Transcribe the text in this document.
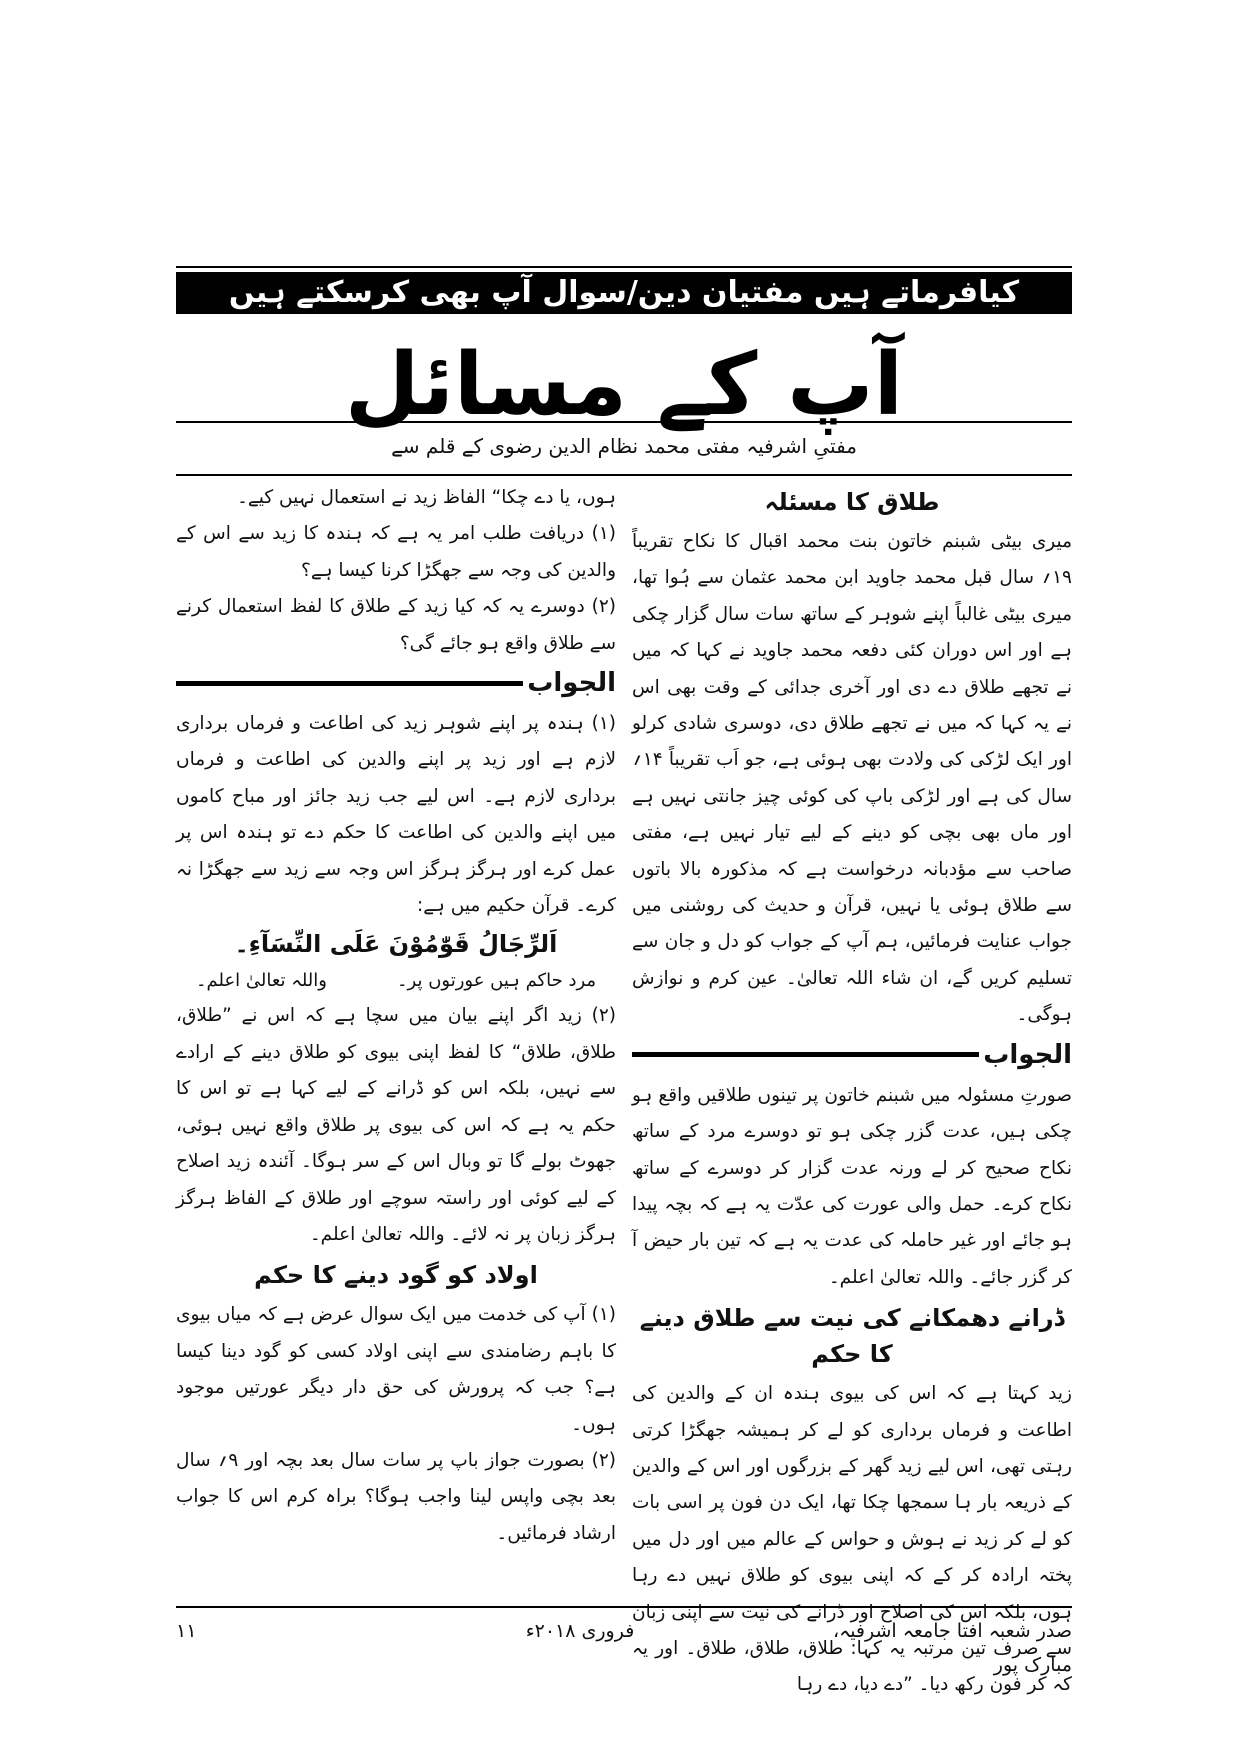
کیافرماتے ہیں مفتیان دین/سوال آپ بھی کرسکتے ہیں
آپ کے مسائل
مفتیِ اشرفیہ مفتی محمد نظام الدین رضوی کے قلم سے
طلاق کا مسئلہ

میری بیٹی شبنم خاتون بنت محمد اقبال کا نکاح تقریباً ۱۹؍ سال قبل محمد جاوید ابن محمد عثمان سے ہُوا تھا، میری بیٹی غالباً اپنے شوہر کے ساتھ سات سال گزار چکی ہے اور اس دوران کئی دفعہ محمد جاوید نے کہا کہ میں نے تجھے طلاق دے دی اور آخری جدائی کے وقت بھی اس نے یہ کہا کہ میں نے تجھے طلاق دی، دوسری شادی کرلو اور ایک لڑکی کی ولادت بھی ہوئی ہے، جو اَب تقریباً ۱۴؍ سال کی ہے اور لڑکی باپ کی کوئی چیز جانتی نہیں ہے اور ماں بھی بچی کو دینے کے لیے تیار نہیں ہے، مفتی صاحب سے مؤدبانہ درخواست ہے کہ مذکورہ بالا باتوں سے طلاق ہوئی یا نہیں، قرآن و حدیث کی روشنی میں جواب عنایت فرمائیں، ہم آپ کے جواب کو دل و جان سے تسلیم کریں گے، ان شاء اللہ تعالیٰ۔ عین کرم و نوازش ہوگی۔

الجواب

صورتِ مسئولہ میں شبنم خاتون پر تینوں طلاقیں واقع ہو چکی ہیں، عدت گزر چکی ہو تو دوسرے مرد کے ساتھ نکاح صحیح کر لے ورنہ عدت گزار کر دوسرے کے ساتھ نکاح کرے۔ حمل والی عورت کی عدّت یہ ہے کہ بچہ پیدا ہو جائے اور غیر حاملہ کی عدت یہ ہے کہ تین بار حیض آ کر گزر جائے۔ واللہ تعالیٰ اعلم۔

ڈرانے دھمکانے کی نیت سے طلاق دینے کا حکم

زید کہتا ہے کہ اس کی بیوی ہندہ ان کے والدین کی اطاعت و فرماں برداری کو لے کر ہمیشہ جھگڑا کرتی رہتی تھی، اس لیے زید گھر کے بزرگوں اور اس کے والدین کے ذریعہ بار ہا سمجھا چکا تھا، ایک دن فون پر اسی بات کو لے کر زید نے ہوش و حواس کے عالم میں اور دل میں پختہ ارادہ کر کے کہ اپنی بیوی کو طلاق نہیں دے رہا ہوں، بلکہ اس کی اصلاح اور ڈرانے کی نیت سے اپنی زبان سے صرف تین مرتبہ یہ کہا: طلاق، طلاق، طلاق۔ اور یہ کہ کر فون رکھ دیا۔ ”دے دیا، دے رہا

ہوں، یا دے چکا“ الفاظ زید نے استعمال نہیں کیے۔

(۱) دریافت طلب امر یہ ہے کہ ہندہ کا زید سے اس کے والدین کی وجہ سے جھگڑا کرنا کیسا ہے؟

(۲) دوسرے یہ کہ کیا زید کے طلاق کا لفظ استعمال کرنے سے طلاق واقع ہو جائے گی؟

الجواب

(۱) ہندہ پر اپنے شوہر زید کی اطاعت و فرماں برداری لازم ہے اور زید پر اپنے والدین کی اطاعت و فرماں برداری لازم ہے۔ اس لیے جب زید جائز اور مباح کاموں میں اپنے والدین کی اطاعت کا حکم دے تو ہندہ اس پر عمل کرے اور ہرگز ہرگز اس وجہ سے زید سے جھگڑا نہ کرے۔ قرآن حکیم میں ہے:

اَلرِّجَالُ قَوّٰمُوْنَ عَلَی النِّسَآءِ۔
مرد حاکم ہیں عورتوں پر۔
واللہ تعالیٰ اعلم۔

(۲) زید اگر اپنے بیان میں سچا ہے کہ اس نے ”طلاق، طلاق، طلاق“ کا لفظ اپنی بیوی کو طلاق دینے کے ارادے سے نہیں، بلکہ اس کو ڈرانے کے لیے کہا ہے تو اس کا حکم یہ ہے کہ اس کی بیوی پر طلاق واقع نہیں ہوئی، جھوٹ بولے گا تو وبال اس کے سر ہوگا۔ آئندہ زید اصلاح کے لیے کوئی اور راستہ سوچے اور طلاق کے الفاظ ہرگز ہرگز زبان پر نہ لائے۔ واللہ تعالیٰ اعلم۔

اولاد کو گود دینے کا حکم

(۱) آپ کی خدمت میں ایک سوال عرض ہے کہ میاں بیوی کا باہم رضامندی سے اپنی اولاد کسی کو گود دینا کیسا ہے؟ جب کہ پرورش کی حق دار دیگر عورتیں موجود ہوں۔

(۲) بصورت جواز باپ پر سات سال بعد بچہ اور ۹؍ سال بعد بچی واپس لینا واجب ہوگا؟ براہ کرم اس کا جواب ارشاد فرمائیں۔

صدر شعبہ افتا جامعہ اشرفیہ، مبارک پور
فروری ۲۰۱۸ء
۱۱
